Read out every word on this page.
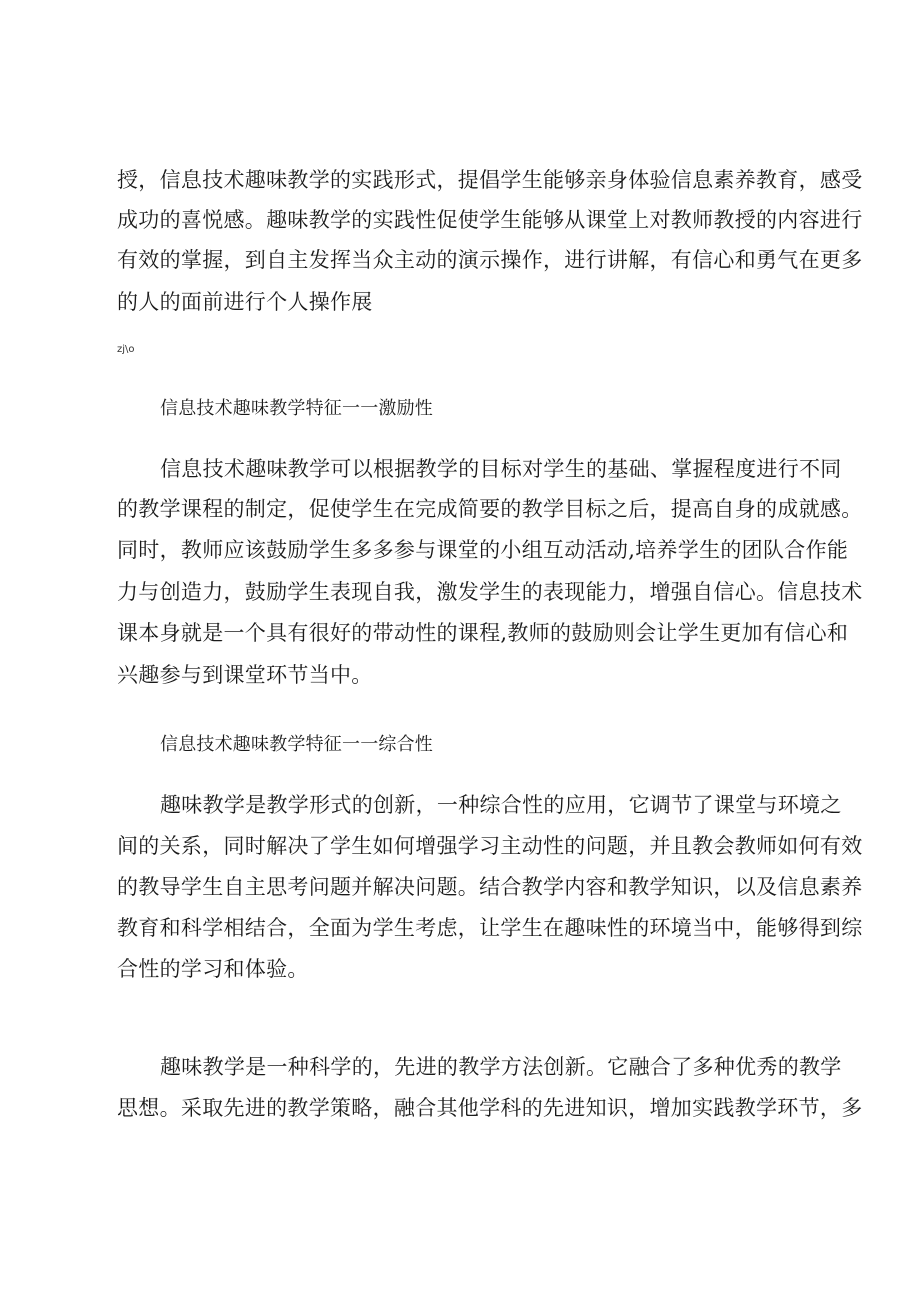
授，信息技术趣味教学的实践形式，提倡学生能够亲身体验信息素养教育，感受
成功的喜悦感。趣味教学的实践性促使学生能够从课堂上对教师教授的内容进行
有效的掌握，到自主发挥当众主动的演示操作，进行讲解，有信心和勇气在更多
的人的面前进行个人操作展
zj\o
信息技术趣味教学特征一一激励性
信息技术趣味教学可以根据教学的目标对学生的基础、掌握程度进行不同
的教学课程的制定，促使学生在完成简要的教学目标之后，提高自身的成就感。
同时，教师应该鼓励学生多多参与课堂的小组互动活动,培养学生的团队合作能
力与创造力，鼓励学生表现自我，激发学生的表现能力，增强自信心。信息技术
课本身就是一个具有很好的带动性的课程,教师的鼓励则会让学生更加有信心和
兴趣参与到课堂环节当中。
信息技术趣味教学特征一一综合性
趣味教学是教学形式的创新，一种综合性的应用，它调节了课堂与环境之
间的关系，同时解决了学生如何增强学习主动性的问题，并且教会教师如何有效
的教导学生自主思考问题并解决问题。结合教学内容和教学知识，以及信息素养
教育和科学相结合，全面为学生考虑，让学生在趣味性的环境当中，能够得到综
合性的学习和体验。
趣味教学是一种科学的，先进的教学方法创新。它融合了多种优秀的教学
思想。采取先进的教学策略，融合其他学科的先进知识，增加实践教学环节，多
